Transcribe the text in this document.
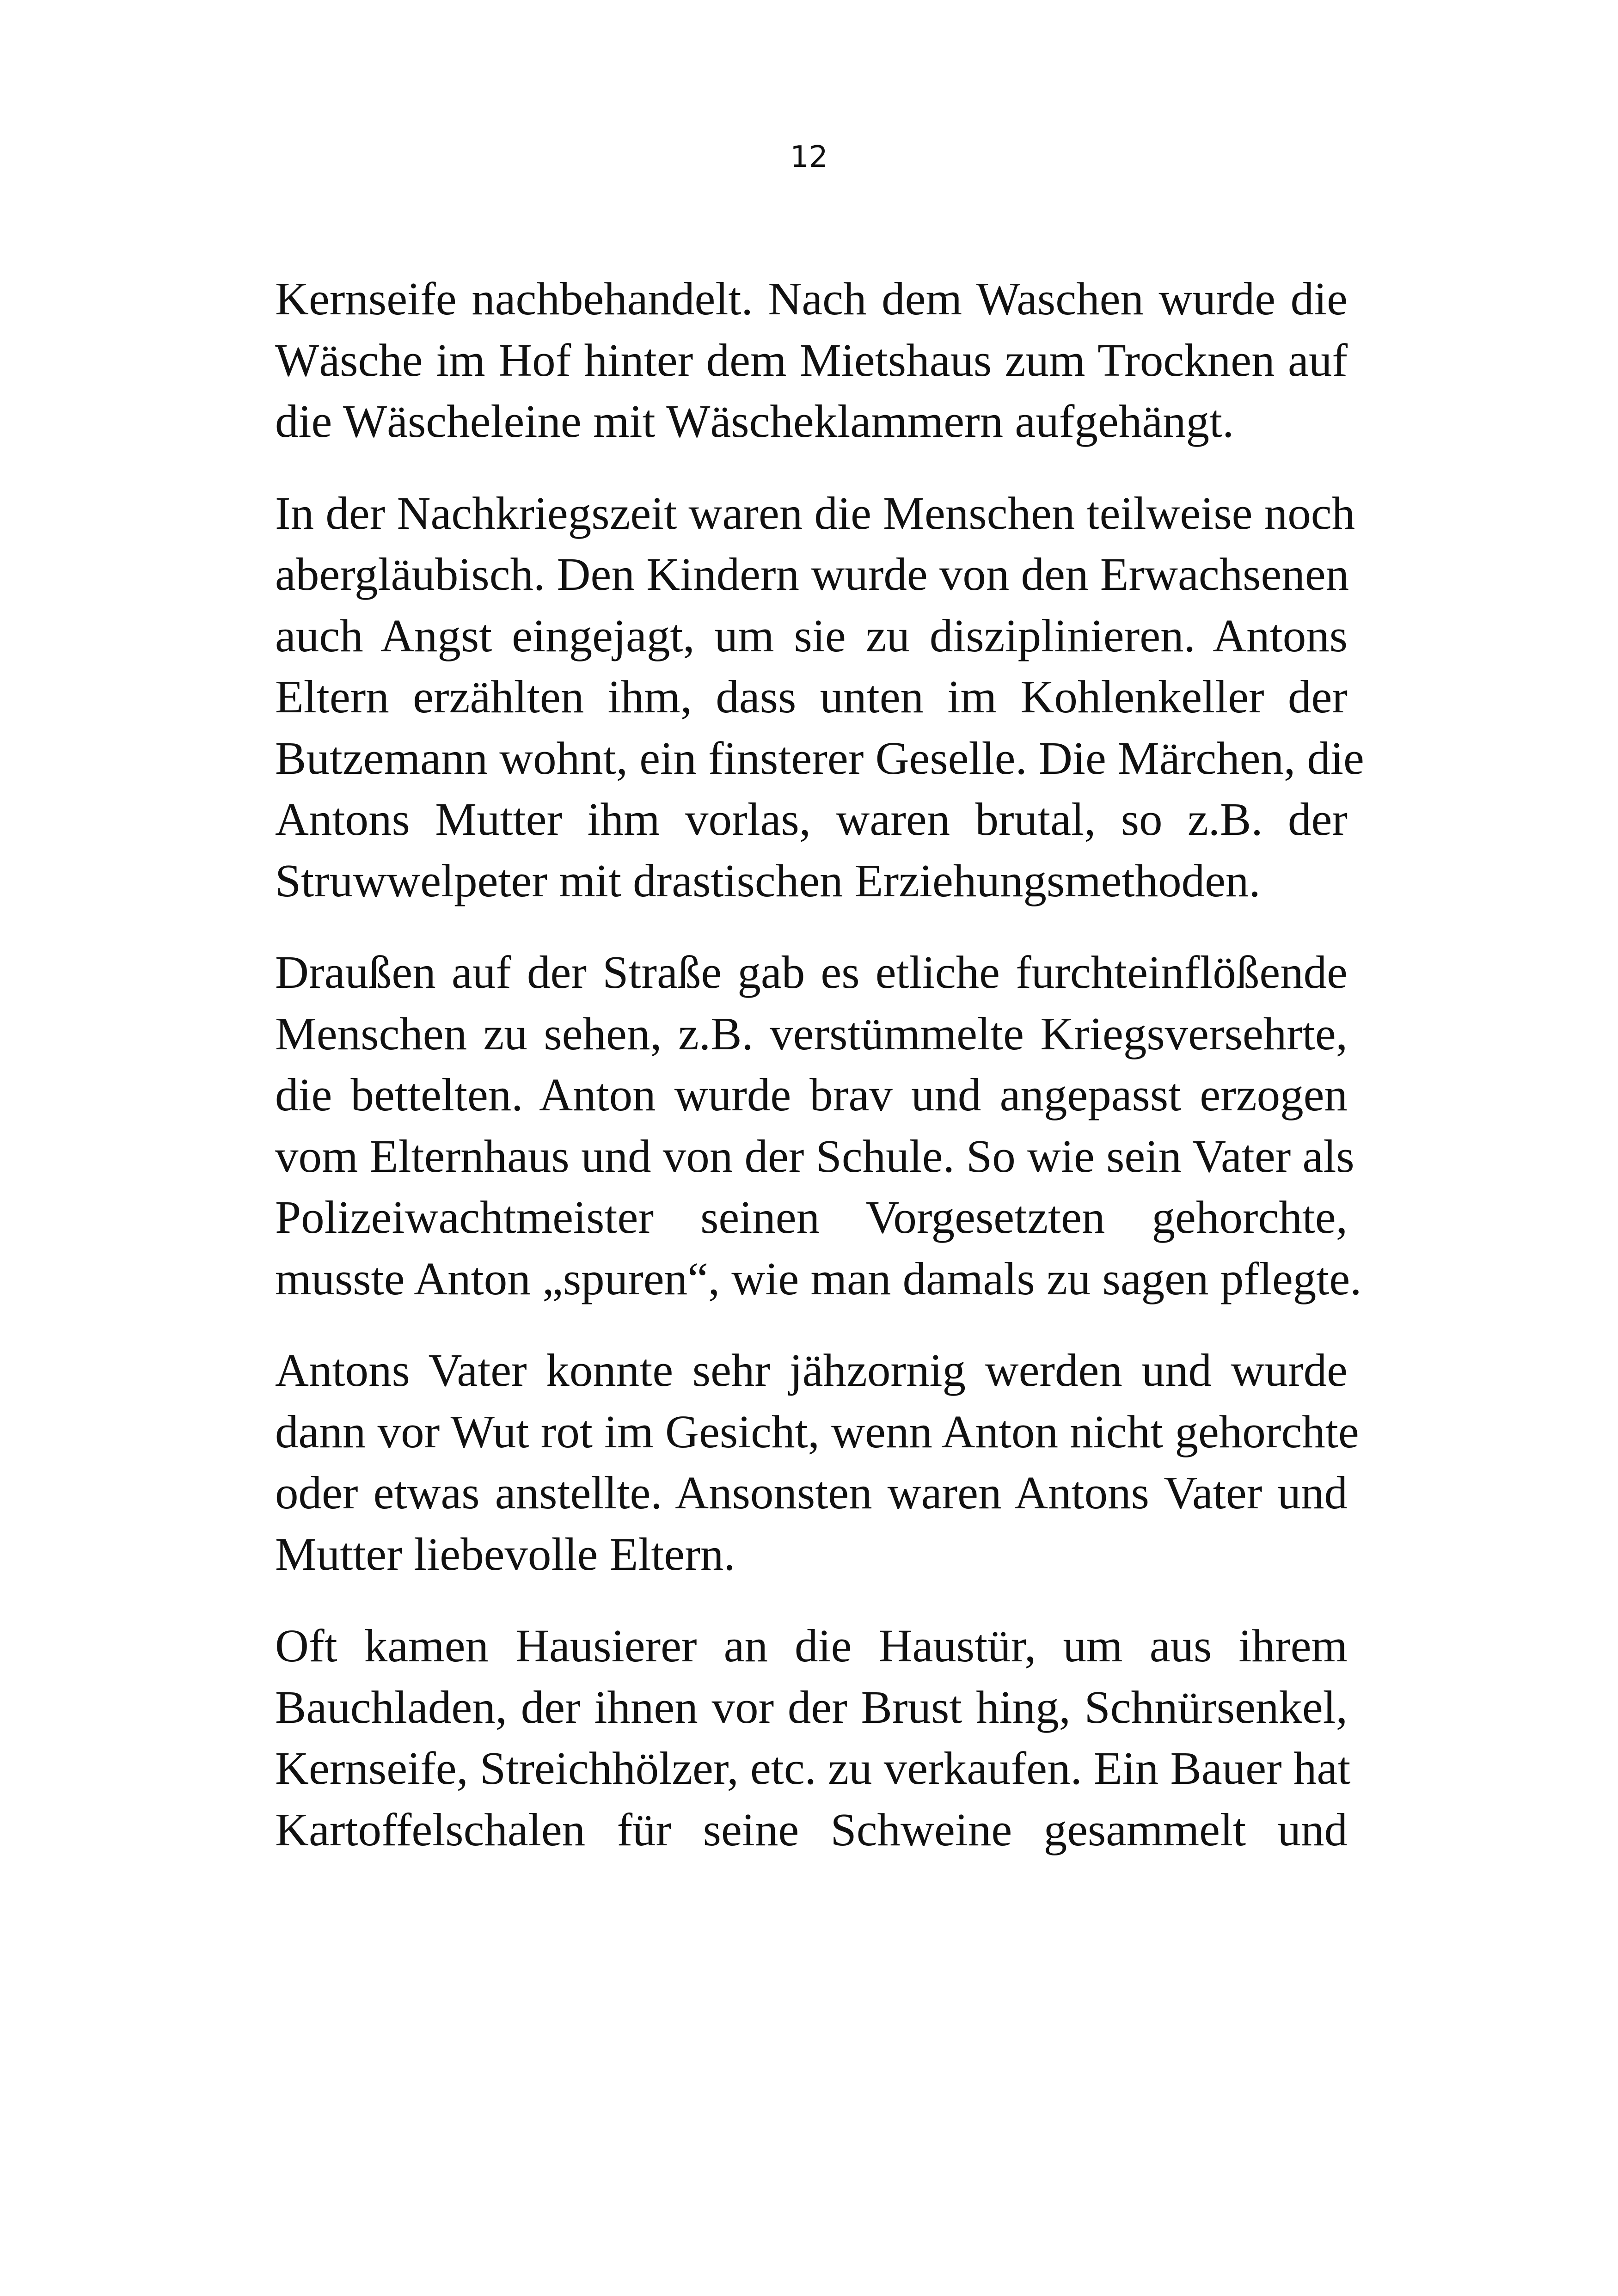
12
Kernseife nachbehandelt. Nach dem Waschen wurde die
Wäsche im Hof hinter dem Mietshaus zum Trocknen auf
die Wäscheleine mit Wäscheklammern aufgehängt.
In der Nachkriegszeit waren die Menschen teilweise noch
abergläubisch. Den Kindern wurde von den Erwachsenen
auch Angst eingejagt, um sie zu disziplinieren. Antons
Eltern erzählten ihm, dass unten im Kohlenkeller der
Butzemann wohnt, ein finsterer Geselle. Die Märchen, die
Antons Mutter ihm vorlas, waren brutal, so z.B. der
Struwwelpeter mit drastischen Erziehungsmethoden.
Draußen auf der Straße gab es etliche furchteinflößende
Menschen zu sehen, z.B. verstümmelte Kriegsversehrte,
die bettelten. Anton wurde brav und angepasst erzogen
vom Elternhaus und von der Schule. So wie sein Vater als
Polizeiwachtmeister seinen Vorgesetzten gehorchte,
musste Anton „spuren“, wie man damals zu sagen pflegte.
Antons Vater konnte sehr jähzornig werden und wurde
dann vor Wut rot im Gesicht, wenn Anton nicht gehorchte
oder etwas anstellte. Ansonsten waren Antons Vater und
Mutter liebevolle Eltern.
Oft kamen Hausierer an die Haustür, um aus ihrem
Bauchladen, der ihnen vor der Brust hing, Schnürsenkel,
Kernseife, Streichhölzer, etc. zu verkaufen. Ein Bauer hat
Kartoffelschalen für seine Schweine gesammelt und
